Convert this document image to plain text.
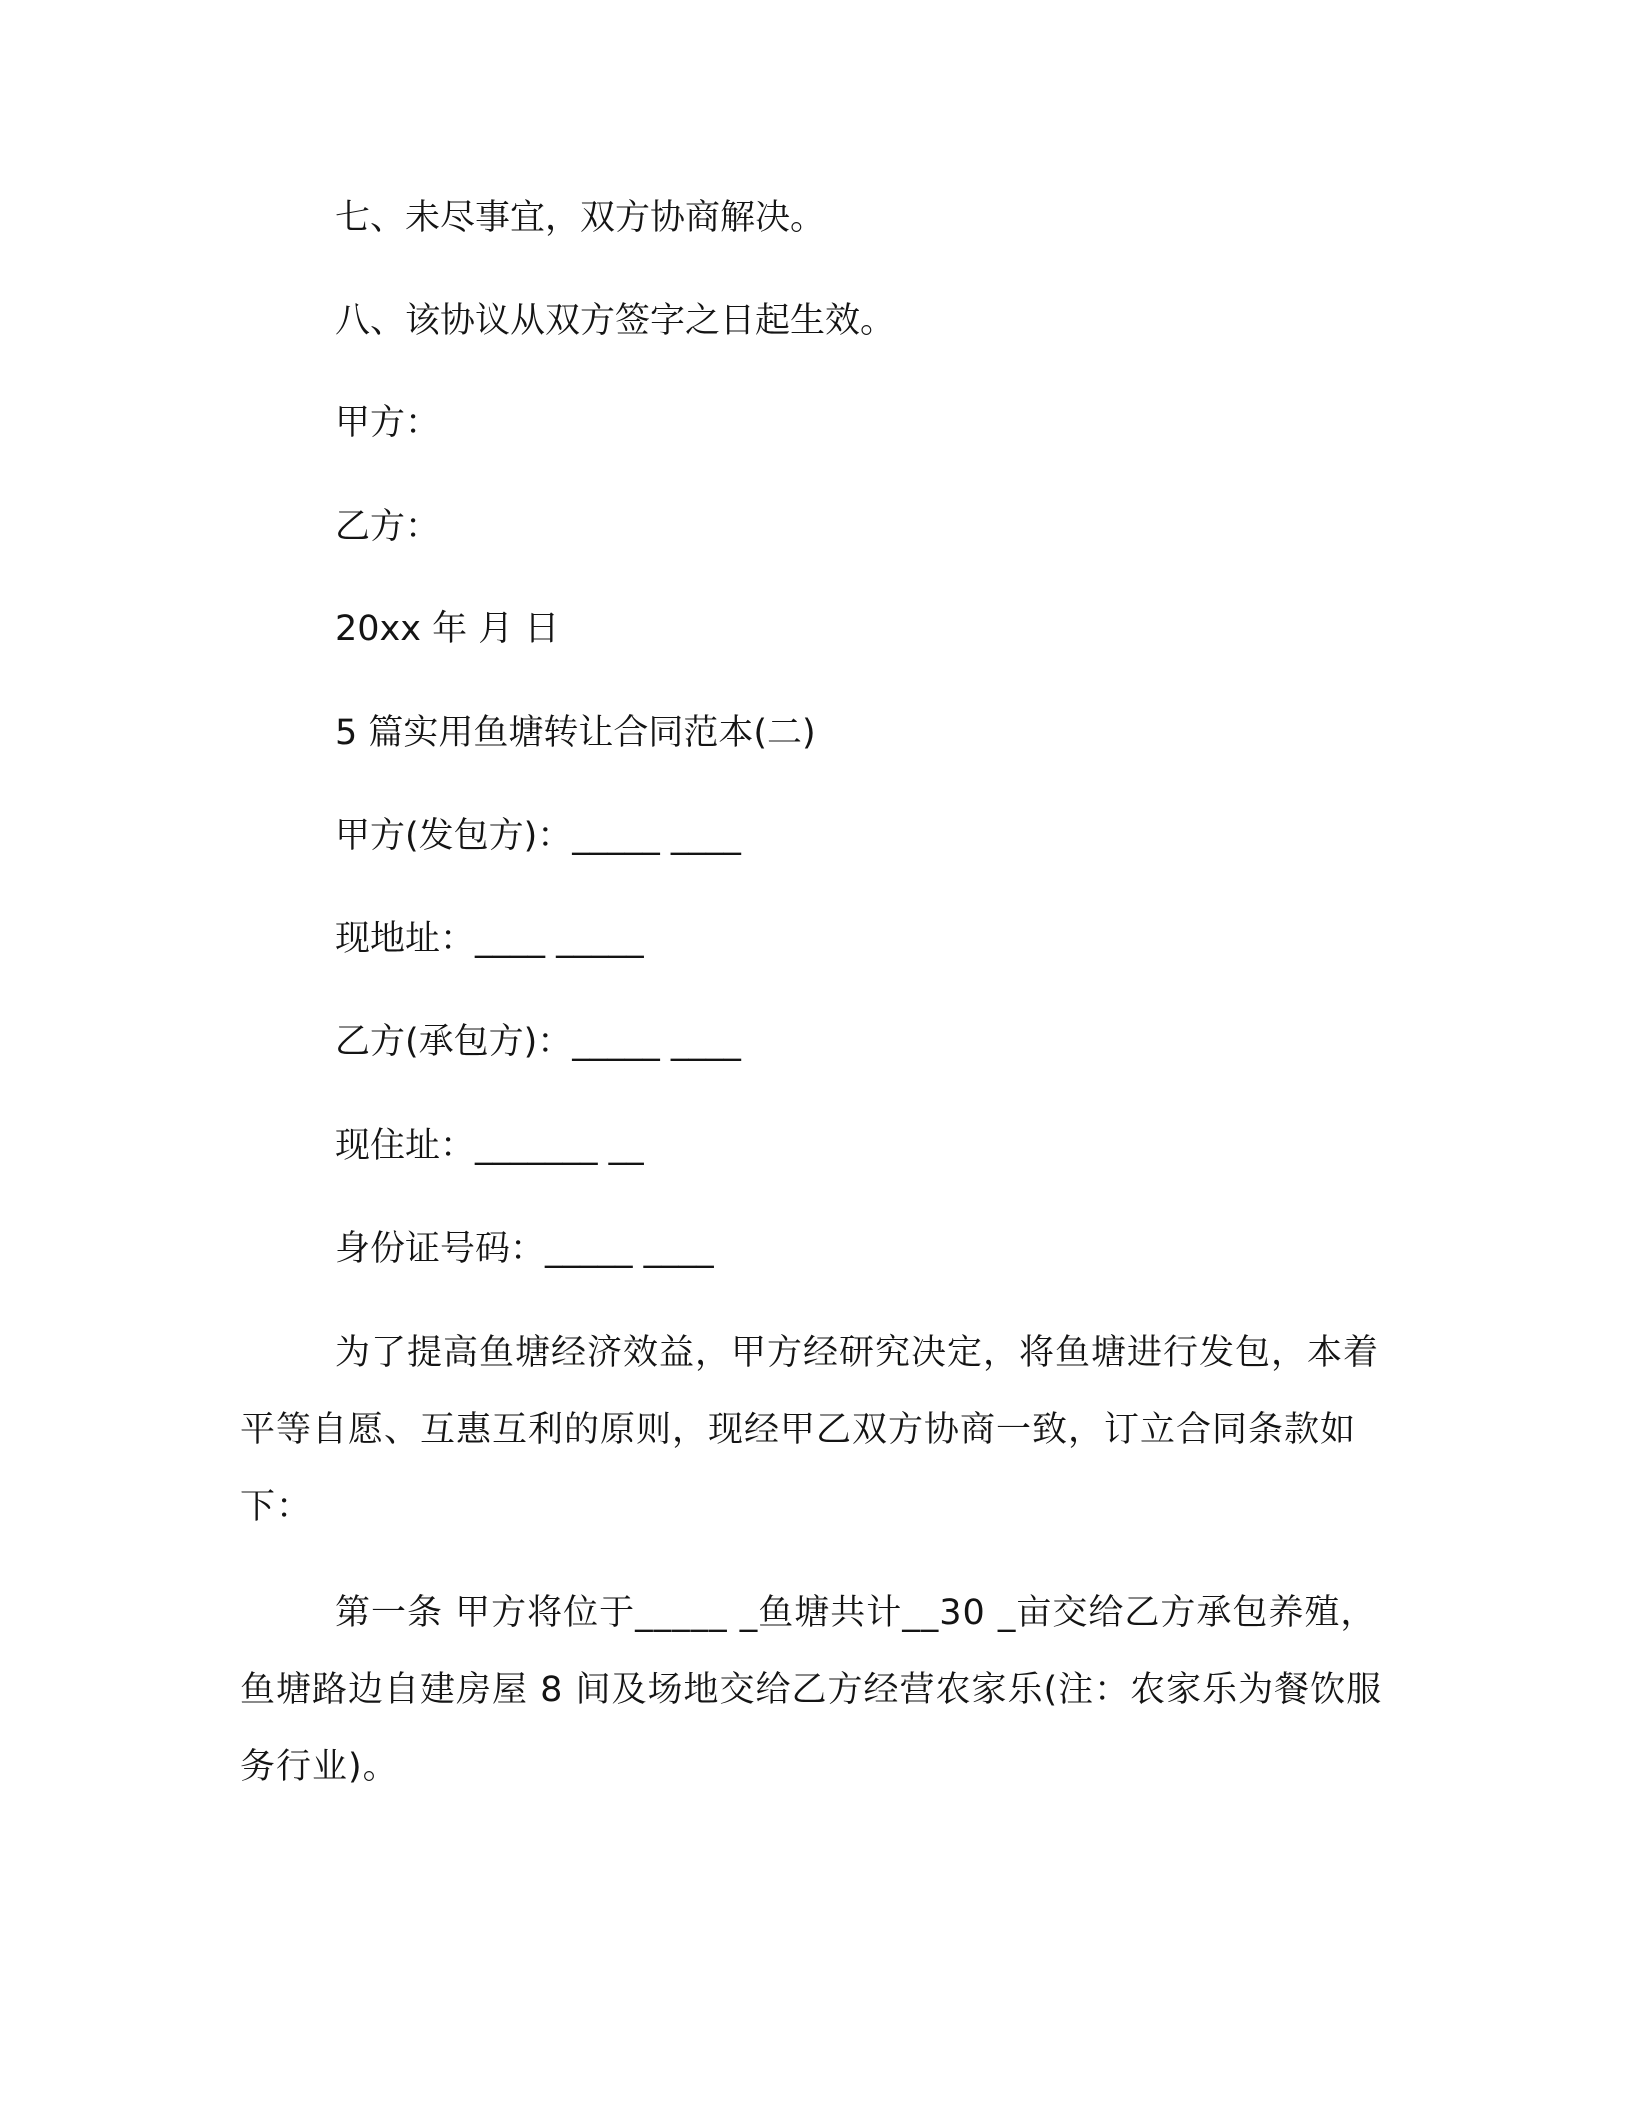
七、未尽事宜，双方协商解决。
八、该协议从双方签字之日起生效。
甲方：
乙方：
20xx 年 月 日
5 篇实用鱼塘转让合同范本(二)
甲方(发包方)：_____ ____
现地址：____ _____
乙方(承包方)：_____ ____
现住址：_______ __
身份证号码：_____ ____
为了提高鱼塘经济效益，甲方经研究决定，将鱼塘进行发包，本着平等自愿、互惠互利的原则，现经甲乙双方协商一致，订立合同条款如下：
第一条 甲方将位于_____ _鱼塘共计__30 _亩交给乙方承包养殖，鱼塘路边自建房屋 8 间及场地交给乙方经营农家乐(注：农家乐为餐饮服务行业)。
